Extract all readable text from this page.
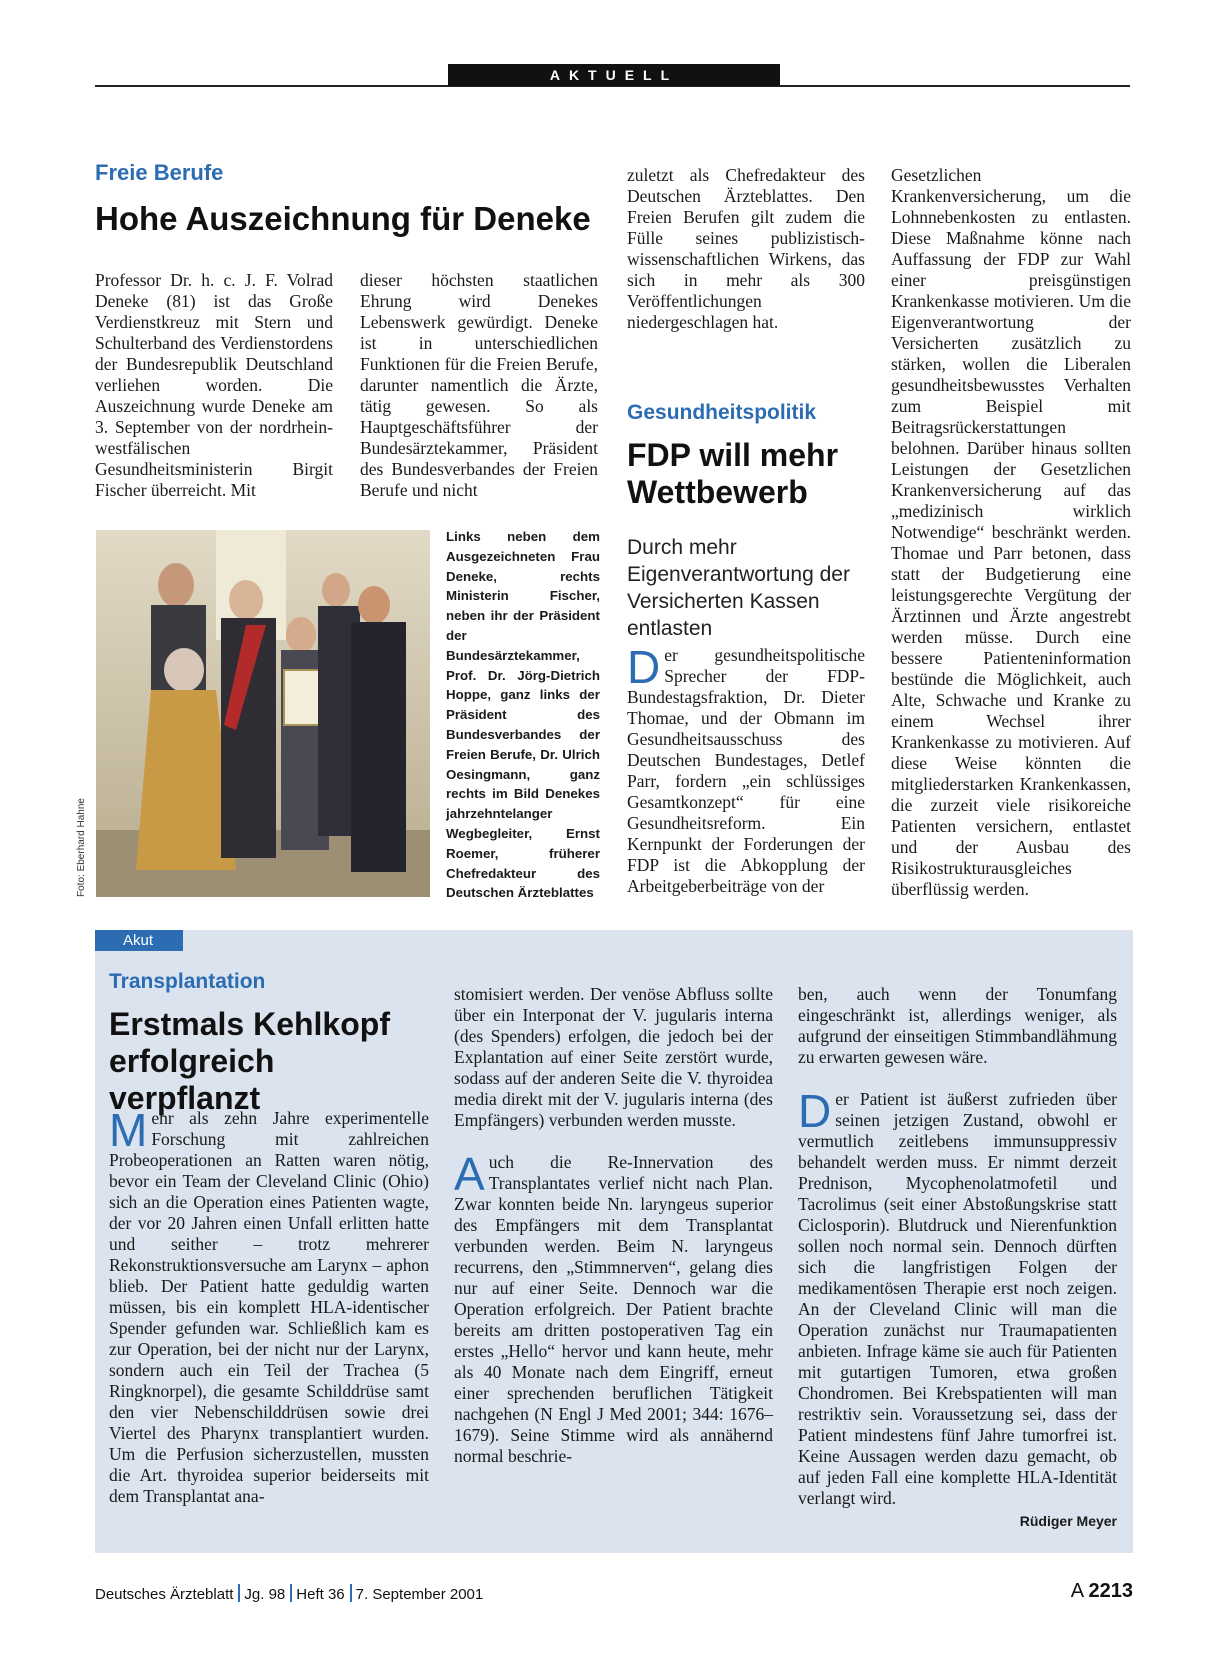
AKTUELL
Freie Berufe
Hohe Auszeichnung für Deneke

Professor Dr. h. c. J. F. Volrad Deneke (81) ist das Große Verdienstkreuz mit Stern und Schulterband des Verdienstordens der Bundesrepublik Deutschland verliehen worden. Die Auszeichnung wurde Deneke am 3. September von der nordrhein-westfälischen Gesundheitsministerin Birgit Fischer überreicht. Mit

dieser höchsten staatlichen Ehrung wird Denekes Lebenswerk gewürdigt. Deneke ist in unterschiedlichen Funktionen für die Freien Berufe, darunter namentlich die Ärzte, tätig gewesen. So als Hauptgeschäftsführer der Bundesärztekammer, Präsident des Bundesverbandes der Freien Berufe und nicht

zuletzt als Chefredakteur des Deutschen Ärzteblattes. Den Freien Berufen gilt zudem die Fülle seines publizistisch-wissenschaftlichen Wirkens, das sich in mehr als 300 Veröffentlichungen niedergeschlagen hat.

Foto: Eberhard Hahne

Links neben dem Ausgezeichneten Frau Deneke, rechts Ministerin Fischer, neben ihr der Präsident der Bundesärztekammer, Prof. Dr. Jörg-Dietrich Hoppe, ganz links der Präsident des Bundesverbandes der Freien Berufe, Dr. Ulrich Oesingmann, ganz rechts im Bild Denekes jahrzehntelanger Wegbegleiter, Ernst Roemer, früherer Chefredakteur des Deutschen Ärzteblattes

Gesundheitspolitik
FDP will mehr Wettbewerb

Durch mehr Eigenverantwortung der Versicherten Kassen entlasten

Der gesundheitspolitische Sprecher der FDP-Bundestagsfraktion, Dr. Dieter Thomae, und der Obmann im Gesundheitsausschuss des Deutschen Bundestages, Detlef Parr, fordern „ein schlüssiges Gesamtkonzept“ für eine Gesundheitsreform. Ein Kernpunkt der Forderungen der FDP ist die Abkopplung der Arbeitgeberbeiträge von der

Gesetzlichen Krankenversicherung, um die Lohnnebenkosten zu entlasten. Diese Maßnahme könne nach Auffassung der FDP zur Wahl einer preisgünstigen Krankenkasse motivieren. Um die Eigenverantwortung der Versicherten zusätzlich zu stärken, wollen die Liberalen gesundheitsbewusstes Verhalten zum Beispiel mit Beitragsrückerstattungen belohnen. Darüber hinaus sollten Leistungen der Gesetzlichen Krankenversicherung auf das „medizinisch wirklich Notwendige“ beschränkt werden. Thomae und Parr betonen, dass statt der Budgetierung eine leistungsgerechte Vergütung der Ärztinnen und Ärzte angestrebt werden müsse. Durch eine bessere Patienteninformation bestünde die Möglichkeit, auch Alte, Schwache und Kranke zu einem Wechsel ihrer Krankenkasse zu motivieren. Auf diese Weise könnten die mitgliederstarken Krankenkassen, die zurzeit viele risikoreiche Patienten versichern, entlastet und der Ausbau des Risikostrukturausgleiches überflüssig werden.

Akut
Transplantation
Erstmals Kehlkopf erfolgreich verpflanzt
Mehr als zehn Jahre experimentelle Forschung mit zahlreichen Probeoperationen an Ratten waren nötig, bevor ein Team der Cleveland Clinic (Ohio) sich an die Operation eines Patienten wagte, der vor 20 Jahren einen Unfall erlitten hatte und seither – trotz mehrerer Rekonstruktionsversuche am Larynx – aphon blieb. Der Patient hatte geduldig warten müssen, bis ein komplett HLA-identischer Spender gefunden war. Schließlich kam es zur Operation, bei der nicht nur der Larynx, sondern auch ein Teil der Trachea (5 Ringknorpel), die gesamte Schilddrüse samt den vier Nebenschilddrüsen sowie drei Viertel des Pharynx transplantiert wurden. Um die Perfusion sicherzustellen, mussten die Art. thyroidea superior beiderseits mit dem Transplantat ana-

stomisiert werden. Der venöse Abfluss sollte über ein Interponat der V. jugularis interna (des Spenders) erfolgen, die jedoch bei der Explantation auf einer Seite zerstört wurde, sodass auf der anderen Seite die V. thyroidea media direkt mit der V. jugularis interna (des Empfängers) verbunden werden musste.

Auch die Re-Innervation des Transplantates verlief nicht nach Plan. Zwar konnten beide Nn. laryngeus superior des Empfängers mit dem Transplantat verbunden werden. Beim N. laryngeus recurrens, den „Stimmnerven“, gelang dies nur auf einer Seite. Dennoch war die Operation erfolgreich. Der Patient brachte bereits am dritten postoperativen Tag ein erstes „Hello“ hervor und kann heute, mehr als 40 Monate nach dem Eingriff, erneut einer sprechenden beruflichen Tätigkeit nachgehen (N Engl J Med 2001; 344: 1676–1679). Seine Stimme wird als annähernd normal beschrie-

ben, auch wenn der Tonumfang eingeschränkt ist, allerdings weniger, als aufgrund der einseitigen Stimmbandlähmung zu erwarten gewesen wäre.

Der Patient ist äußerst zufrieden über seinen jetzigen Zustand, obwohl er vermutlich zeitlebens immunsuppressiv behandelt werden muss. Er nimmt derzeit Prednison, Mycophenolatmofetil und Tacrolimus (seit einer Abstoßungskrise statt Ciclosporin). Blutdruck und Nierenfunktion sollen noch normal sein. Dennoch dürften sich die langfristigen Folgen der medikamentösen Therapie erst noch zeigen. An der Cleveland Clinic will man die Operation zunächst nur Traumapatienten anbieten. Infrage käme sie auch für Patienten mit gutartigen Tumoren, etwa großen Chondromen. Bei Krebspatienten will man restriktiv sein. Voraussetzung sei, dass der Patient mindestens fünf Jahre tumorfrei ist. Keine Aussagen werden dazu gemacht, ob auf jeden Fall eine komplette HLA-Identität verlangt wird.

Rüdiger Meyer
Deutsches Ärzteblatt Jg. 98 Heft 36 7. September 2001	A 2213
